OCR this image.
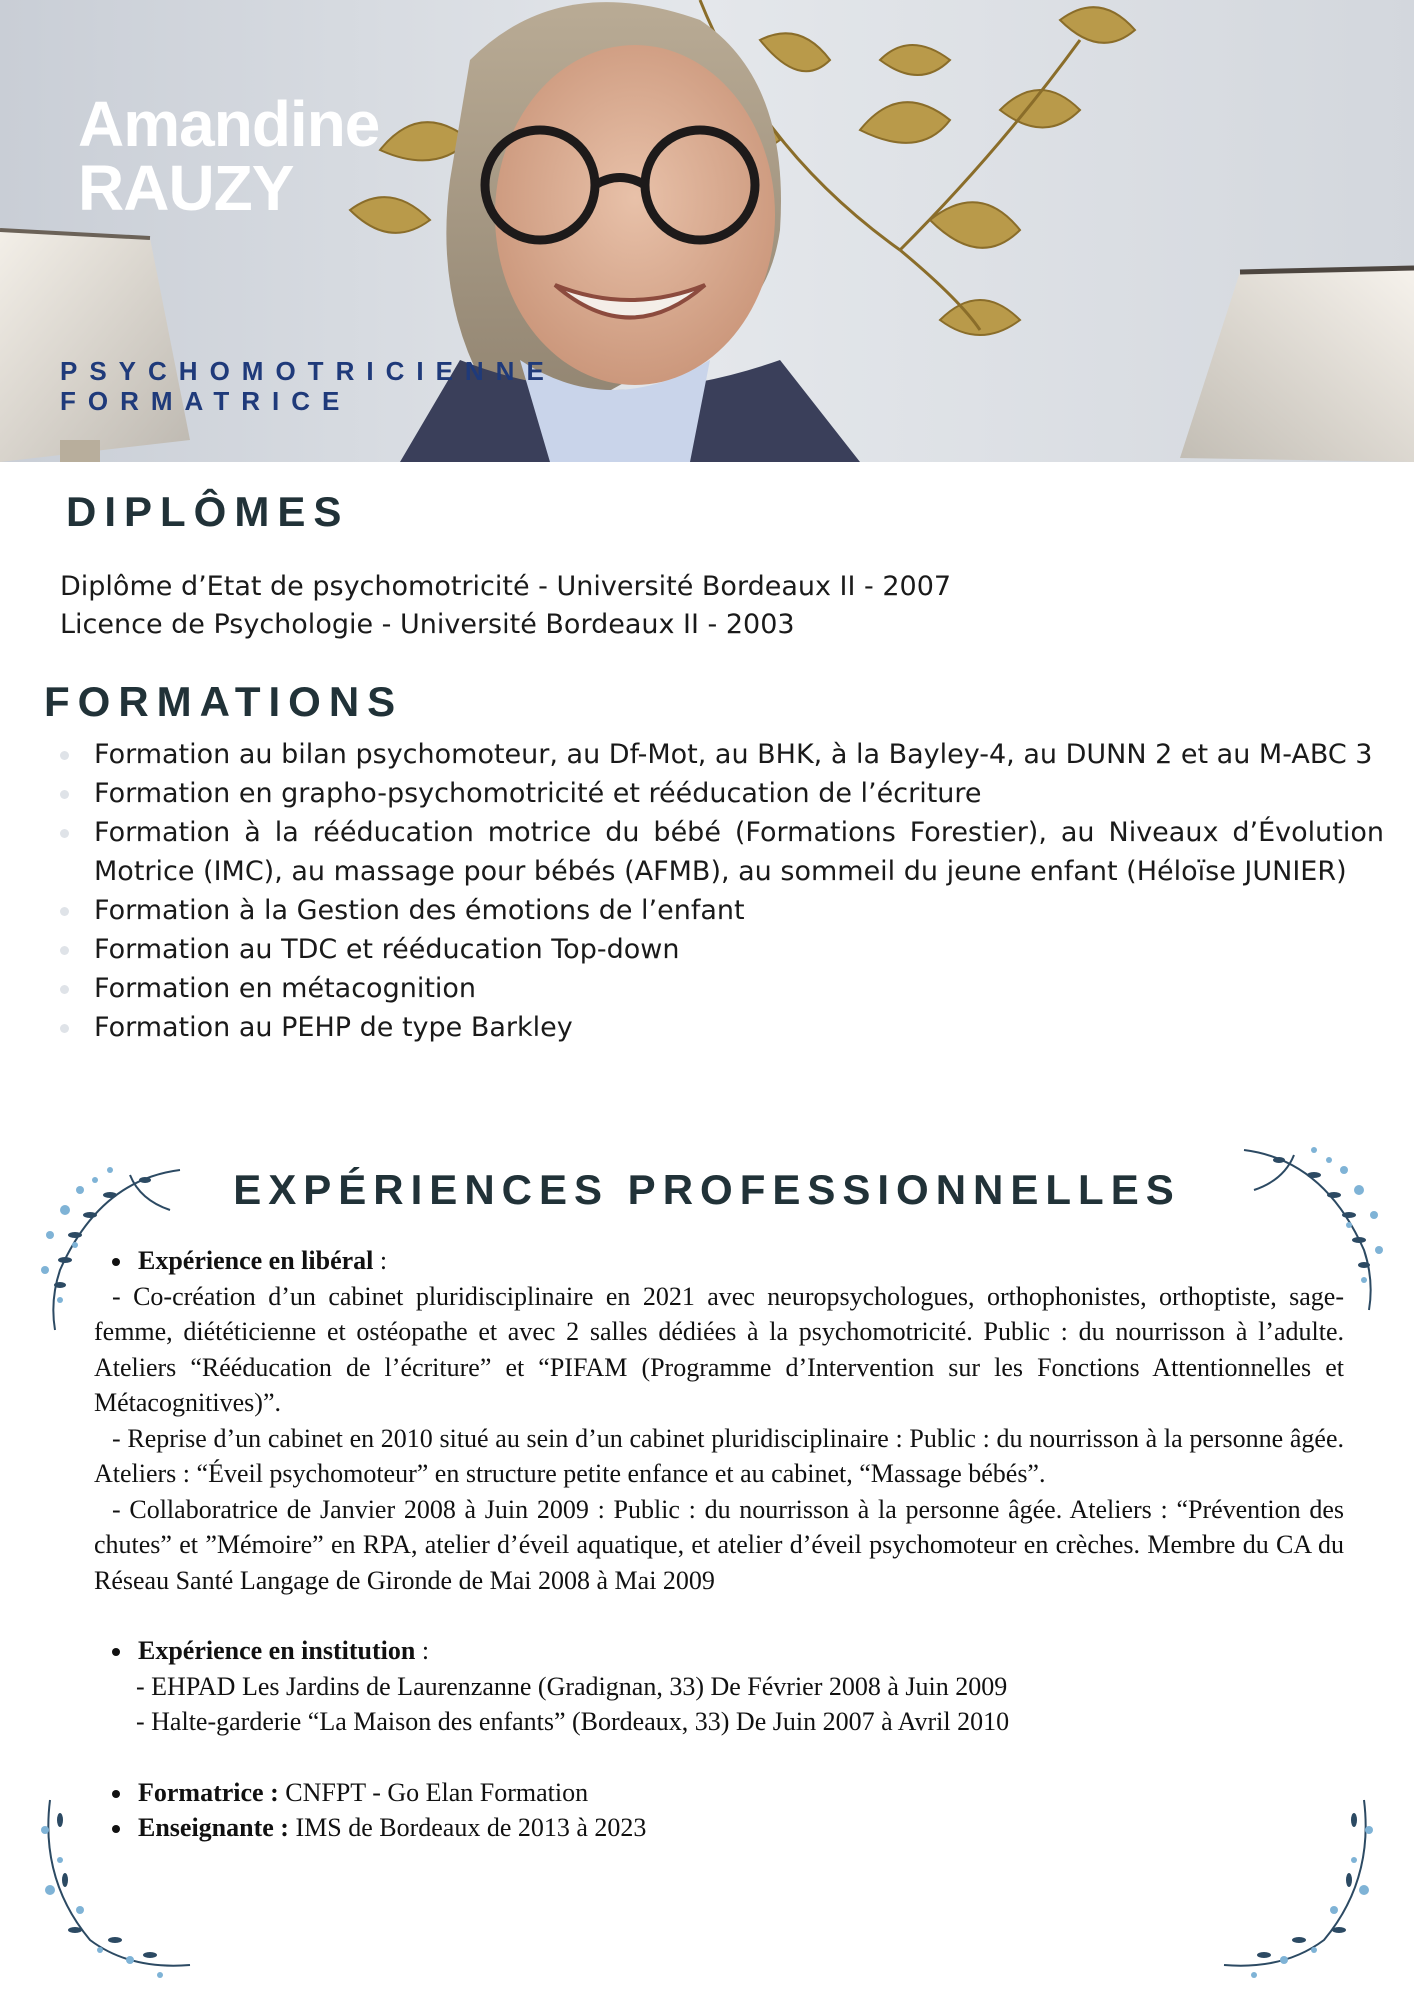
Amandine
RAUZY
PSYCHOMOTRICIENNE
FORMATRICE
DIPLÔMES
Diplôme d’Etat de psychomotricité - Université Bordeaux II - 2007
Licence de Psychologie - Université Bordeaux II - 2003
FORMATIONS
Formation au bilan psychomoteur, au Df-Mot, au BHK, à la Bayley-4, au DUNN 2 et au M-ABC 3
Formation en grapho-psychomotricité et rééducation de l’écriture
Formation à la rééducation motrice du bébé (Formations Forestier), au Niveaux d’Évolution Motrice (IMC), au massage pour bébés (AFMB), au sommeil du jeune enfant (Héloïse JUNIER)
Formation à la Gestion des émotions de l’enfant
Formation au TDC et rééducation Top-down
Formation en métacognition
Formation au PEHP de type Barkley
EXPÉRIENCES PROFESSIONNELLES

Expérience en libéral :

- Co-création d’un cabinet pluridisciplinaire en 2021 avec neuropsychologues, orthophonistes, orthoptiste, sage-femme, diététicienne et ostéopathe et avec 2 salles dédiées à la psychomotricité. Public : du nourrisson à l’adulte. Ateliers “Rééducation de l’écriture” et “PIFAM (Programme d’Intervention sur les Fonctions Attentionnelles et Métacognitives)”.

- Reprise d’un cabinet en 2010 situé au sein d’un cabinet pluridisciplinaire : Public : du nourrisson à la personne âgée. Ateliers : “Éveil psychomoteur” en structure petite enfance et au cabinet, “Massage bébés”.

- Collaboratrice de Janvier 2008 à Juin 2009 : Public : du nourrisson à la personne âgée. Ateliers : “Prévention des chutes” et ”Mémoire” en RPA, atelier d’éveil aquatique, et atelier d’éveil psychomoteur en crèches. Membre du CA du Réseau Santé Langage de Gironde de Mai 2008 à Mai 2009

Expérience en institution :

- EHPAD Les Jardins de Laurenzanne (Gradignan, 33) De Février 2008 à Juin 2009

- Halte-garderie “La Maison des enfants” (Bordeaux, 33) De Juin 2007 à Avril 2010

Formatrice : CNFPT - Go Elan Formation

Enseignante : IMS de Bordeaux de 2013 à 2023
